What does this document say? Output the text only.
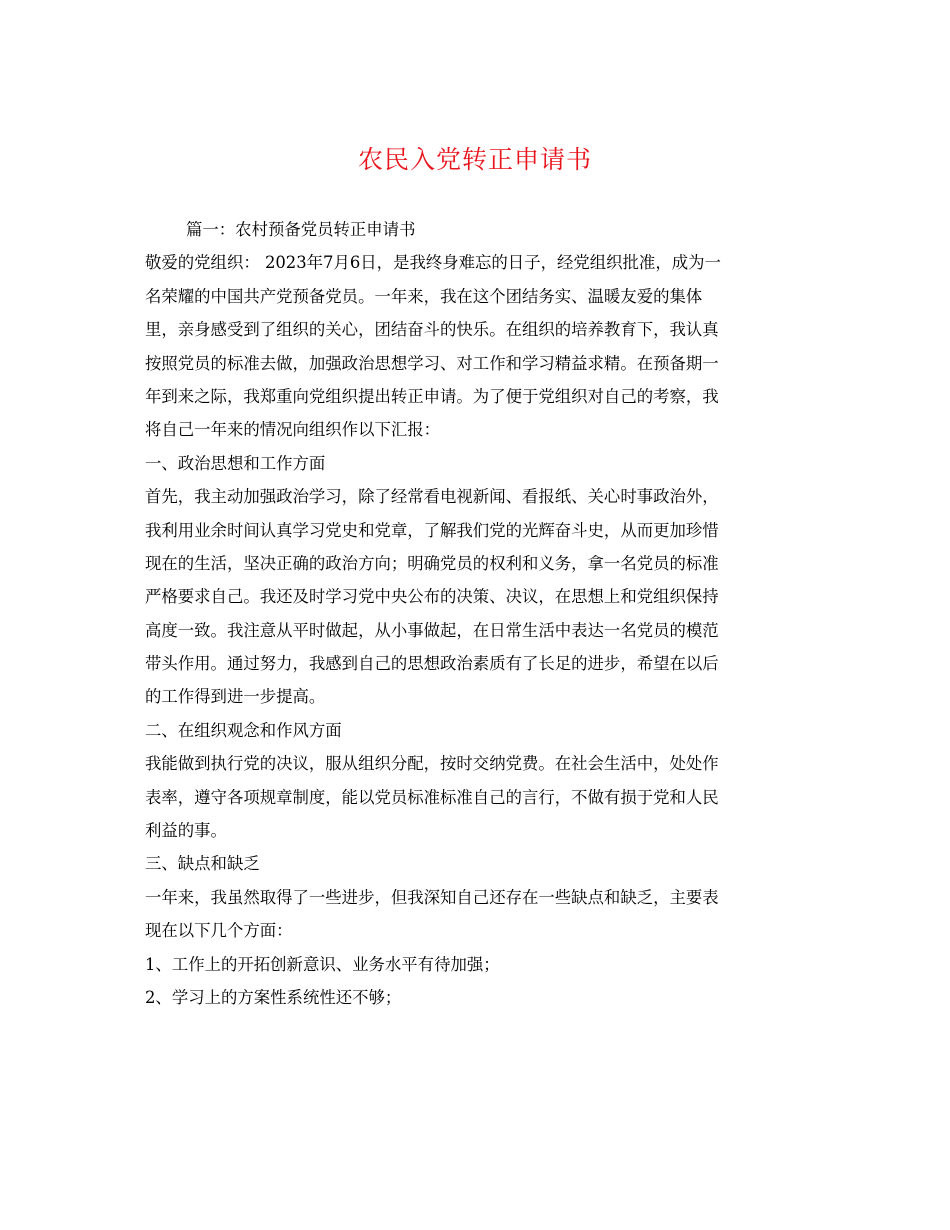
农民入党转正申请书
篇一：农村预备党员转正申请书
敬爱的党组织： 2023年7月6日，是我终身难忘的日子，经党组织批准，成为一
名荣耀的中国共产党预备党员。一年来，我在这个团结务实、温暖友爱的集体
里，亲身感受到了组织的关心，团结奋斗的快乐。在组织的培养教育下，我认真
按照党员的标准去做，加强政治思想学习、对工作和学习精益求精。在预备期一
年到来之际，我郑重向党组织提出转正申请。为了便于党组织对自己的考察，我
将自己一年来的情况向组织作以下汇报：
一、政治思想和工作方面
首先，我主动加强政治学习，除了经常看电视新闻、看报纸、关心时事政治外，
我利用业余时间认真学习党史和党章，了解我们党的光辉奋斗史，从而更加珍惜
现在的生活，坚决正确的政治方向；明确党员的权利和义务，拿一名党员的标准
严格要求自己。我还及时学习党中央公布的决策、决议，在思想上和党组织保持
高度一致。我注意从平时做起，从小事做起，在日常生活中表达一名党员的模范
带头作用。通过努力，我感到自己的思想政治素质有了长足的进步，希望在以后
的工作得到进一步提高。
二、在组织观念和作风方面
我能做到执行党的决议，服从组织分配，按时交纳党费。在社会生活中，处处作
表率，遵守各项规章制度，能以党员标准标准自己的言行，不做有损于党和人民
利益的事。
三、缺点和缺乏
一年来，我虽然取得了一些进步，但我深知自己还存在一些缺点和缺乏，主要表
现在以下几个方面：
1、工作上的开拓创新意识、业务水平有待加强；
2、学习上的方案性系统性还不够；
